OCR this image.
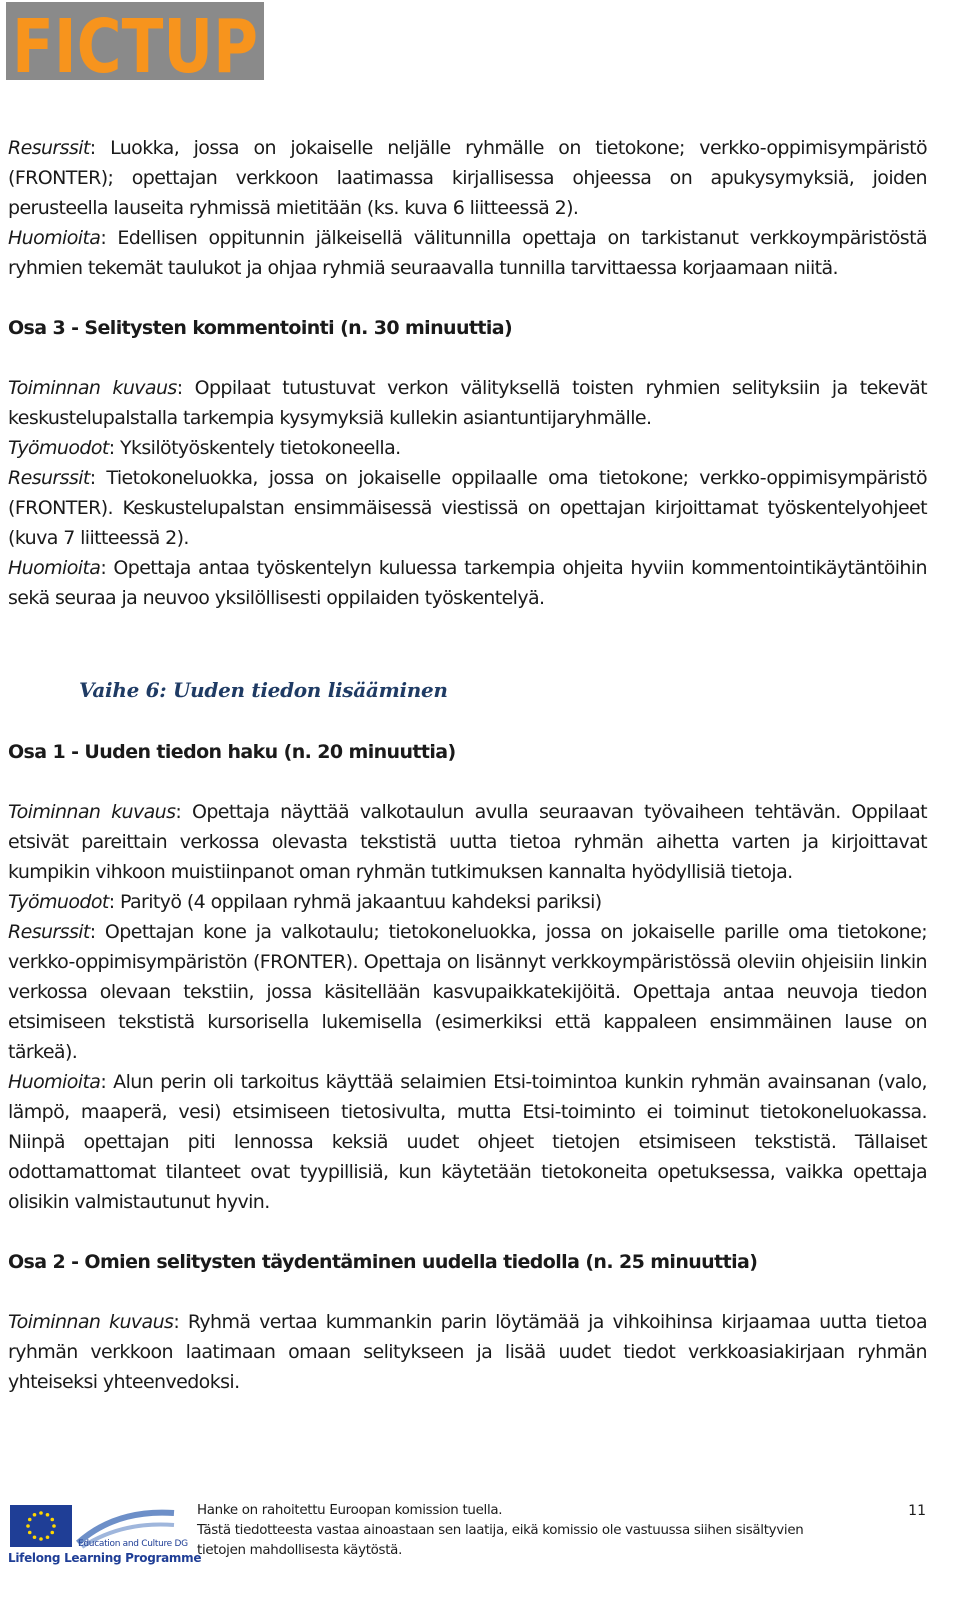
FICTUP

Resurssit: Luokka, jossa on jokaiselle neljälle ryhmälle on tietokone; verkko-oppimisympäristö (FRONTER); opettajan verkkoon laatimassa kirjallisessa ohjeessa on apukysymyksiä, joiden perusteella lauseita ryhmissä mietitään (ks. kuva 6 liitteessä 2).

Huomioita: Edellisen oppitunnin jälkeisellä välitunnilla opettaja on tarkistanut verkkoympäristöstä ryhmien tekemät taulukot ja ohjaa ryhmiä seuraavalla tunnilla tarvittaessa korjaamaan niitä.

Osa 3 - Selitysten kommentointi (n. 30 minuuttia)

Toiminnan kuvaus: Oppilaat tutustuvat verkon välityksellä toisten ryhmien selityksiin ja tekevät keskustelupalstalla tarkempia kysymyksiä kullekin asiantuntijaryhmälle.

Työmuodot: Yksilötyöskentely tietokoneella.

Resurssit: Tietokoneluokka, jossa on jokaiselle oppilaalle oma tietokone; verkko-oppimisympäristö (FRONTER). Keskustelupalstan ensimmäisessä viestissä on opettajan kirjoittamat työskentelyohjeet (kuva 7 liitteessä 2).

Huomioita: Opettaja antaa työskentelyn kuluessa tarkempia ohjeita hyviin kommentointikäytäntöihin sekä seuraa ja neuvoo yksilöllisesti oppilaiden työskentelyä.

Vaihe 6: Uuden tiedon lisääminen

Osa 1 - Uuden tiedon haku (n. 20 minuuttia)

Toiminnan kuvaus: Opettaja näyttää valkotaulun avulla seuraavan työvaiheen tehtävän. Oppilaat etsivät pareittain verkossa olevasta tekstistä uutta tietoa ryhmän aihetta varten ja kirjoittavat kumpikin vihkoon muistiinpanot oman ryhmän tutkimuksen kannalta hyödyllisiä tietoja.

Työmuodot: Parityö (4 oppilaan ryhmä jakaantuu kahdeksi pariksi)

Resurssit: Opettajan kone ja valkotaulu; tietokoneluokka, jossa on jokaiselle parille oma tietokone; verkko-oppimisympäristön (FRONTER). Opettaja on lisännyt verkkoympäristössä oleviin ohjeisiin linkin verkossa olevaan tekstiin, jossa käsitellään kasvupaikkatekijöitä. Opettaja antaa neuvoja tiedon etsimiseen tekstistä kursorisella lukemisella (esimerkiksi että kappaleen ensimmäinen lause on tärkeä).

Huomioita: Alun perin oli tarkoitus käyttää selaimien Etsi-toimintoa kunkin ryhmän avainsanan (valo, lämpö, maaperä, vesi) etsimiseen tietosivulta, mutta Etsi-toiminto ei toiminut tietokoneluokassa. Niinpä opettajan piti lennossa keksiä uudet ohjeet tietojen etsimiseen tekstistä. Tällaiset odottamattomat tilanteet ovat tyypillisiä, kun käytetään tietokoneita opetuksessa, vaikka opettaja olisikin valmistautunut hyvin.

Osa 2 - Omien selitysten täydentäminen uudella tiedolla (n. 25 minuuttia)

Toiminnan kuvaus: Ryhmä vertaa kummankin parin löytämää ja vihkoihinsa kirjaamaa uutta tietoa ryhmän verkkoon laatimaan omaan selitykseen ja lisää uudet tiedot verkkoasiakirjaan ryhmän yhteiseksi yhteenvedoksi.

Education and Culture DG
Lifelong Learning Programme
Hanke on rahoitettu Euroopan komission tuella.
Tästä tiedotteesta vastaa ainoastaan sen laatija, eikä komissio ole vastuussa siihen sisältyvien
tietojen mahdollisesta käytöstä.
11
